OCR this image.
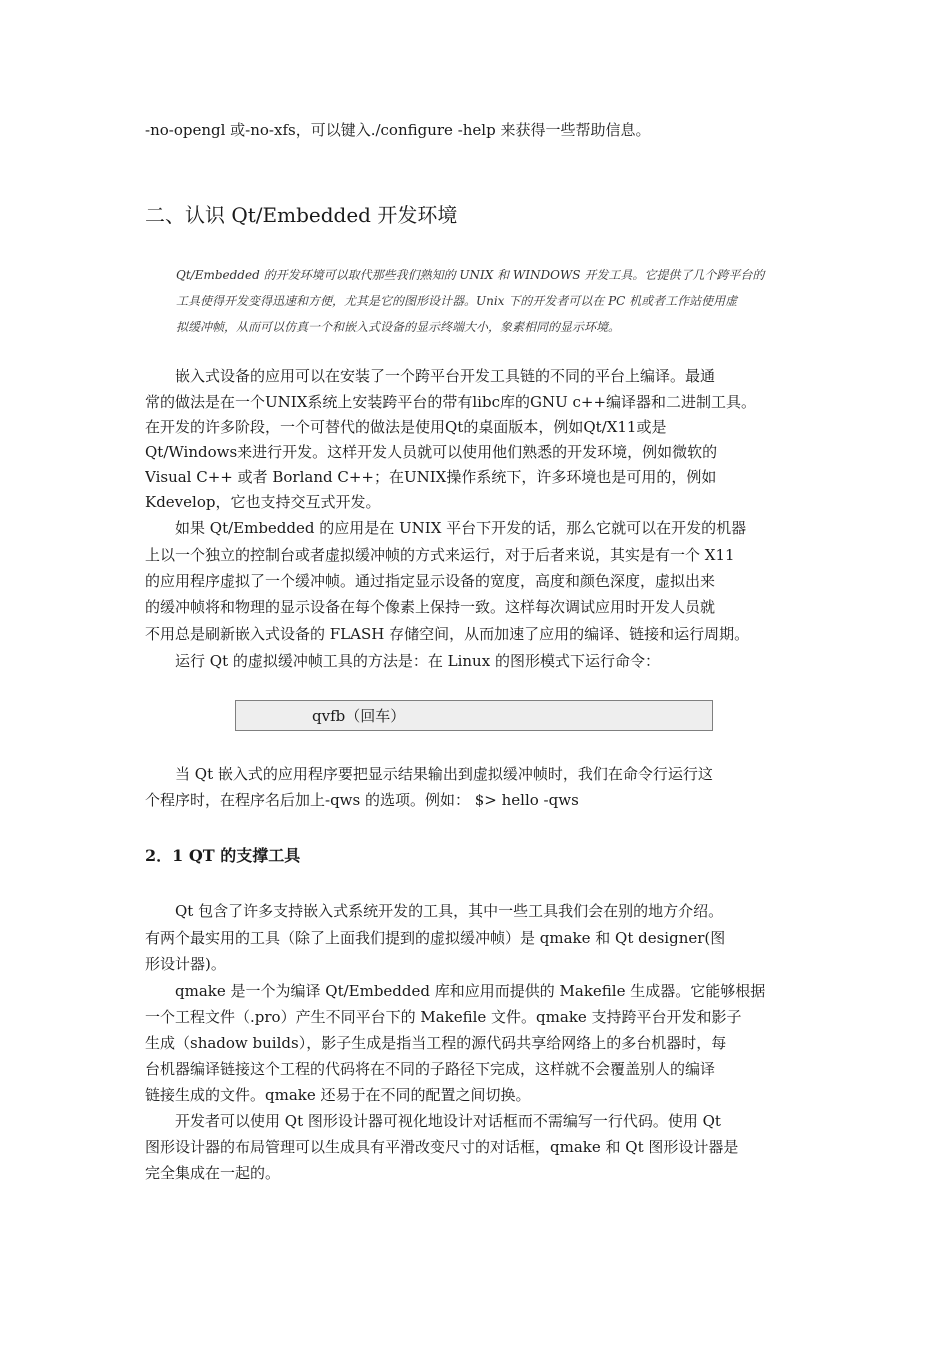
-no-opengl 或-no-xfs，可以键入./configure -help 来获得一些帮助信息。
二、认识 Qt/Embedded 开发环境
Qt/Embedded 的开发环境可以取代那些我们熟知的 UNIX 和 WINDOWS 开发工具。它提供了几个跨平台的
工具使得开发变得迅速和方便，尤其是它的图形设计器。Unix 下的开发者可以在 PC 机或者工作站使用虚
拟缓冲帧，从而可以仿真一个和嵌入式设备的显示终端大小，象素相同的显示环境。
　　嵌入式设备的应用可以在安装了一个跨平台开发工具链的不同的平台上编译。最通
常的做法是在一个UNIX系统上安装跨平台的带有libc库的GNU c++编译器和二进制工具。
在开发的许多阶段，一个可替代的做法是使用Qt的桌面版本，例如Qt/X11或是
Qt/Windows来进行开发。这样开发人员就可以使用他们熟悉的开发环境，例如微软的
Visual C++ 或者 Borland C++；在UNIX操作系统下，许多环境也是可用的，例如
Kdevelop，它也支持交互式开发。
　　如果 Qt/Embedded 的应用是在 UNIX 平台下开发的话，那么它就可以在开发的机器
上以一个独立的控制台或者虚拟缓冲帧的方式来运行，对于后者来说，其实是有一个 X11
的应用程序虚拟了一个缓冲帧。通过指定显示设备的宽度，高度和颜色深度，虚拟出来
的缓冲帧将和物理的显示设备在每个像素上保持一致。这样每次调试应用时开发人员就
不用总是刷新嵌入式设备的 FLASH 存储空间，从而加速了应用的编译、链接和运行周期。
　　运行 Qt 的虚拟缓冲帧工具的方法是：在 Linux 的图形模式下运行命令：
qvfb（回车）
　　当 Qt 嵌入式的应用程序要把显示结果输出到虚拟缓冲帧时，我们在命令行运行这
个程序时，在程序名后加上-qws 的选项。例如： $> hello -qws
2．1 QT 的支撑工具
　　Qt 包含了许多支持嵌入式系统开发的工具，其中一些工具我们会在别的地方介绍。
有两个最实用的工具（除了上面我们提到的虚拟缓冲帧）是 qmake 和 Qt designer(图
形设计器)。
　　qmake 是一个为编译 Qt/Embedded 库和应用而提供的 Makefile 生成器。它能够根据
一个工程文件（.pro）产生不同平台下的 Makefile 文件。qmake 支持跨平台开发和影子
生成（shadow builds），影子生成是指当工程的源代码共享给网络上的多台机器时，每
台机器编译链接这个工程的代码将在不同的子路径下完成，这样就不会覆盖别人的编译
链接生成的文件。qmake 还易于在不同的配置之间切换。
　　开发者可以使用 Qt 图形设计器可视化地设计对话框而不需编写一行代码。使用 Qt
图形设计器的布局管理可以生成具有平滑改变尺寸的对话框，qmake 和 Qt 图形设计器是
完全集成在一起的。
